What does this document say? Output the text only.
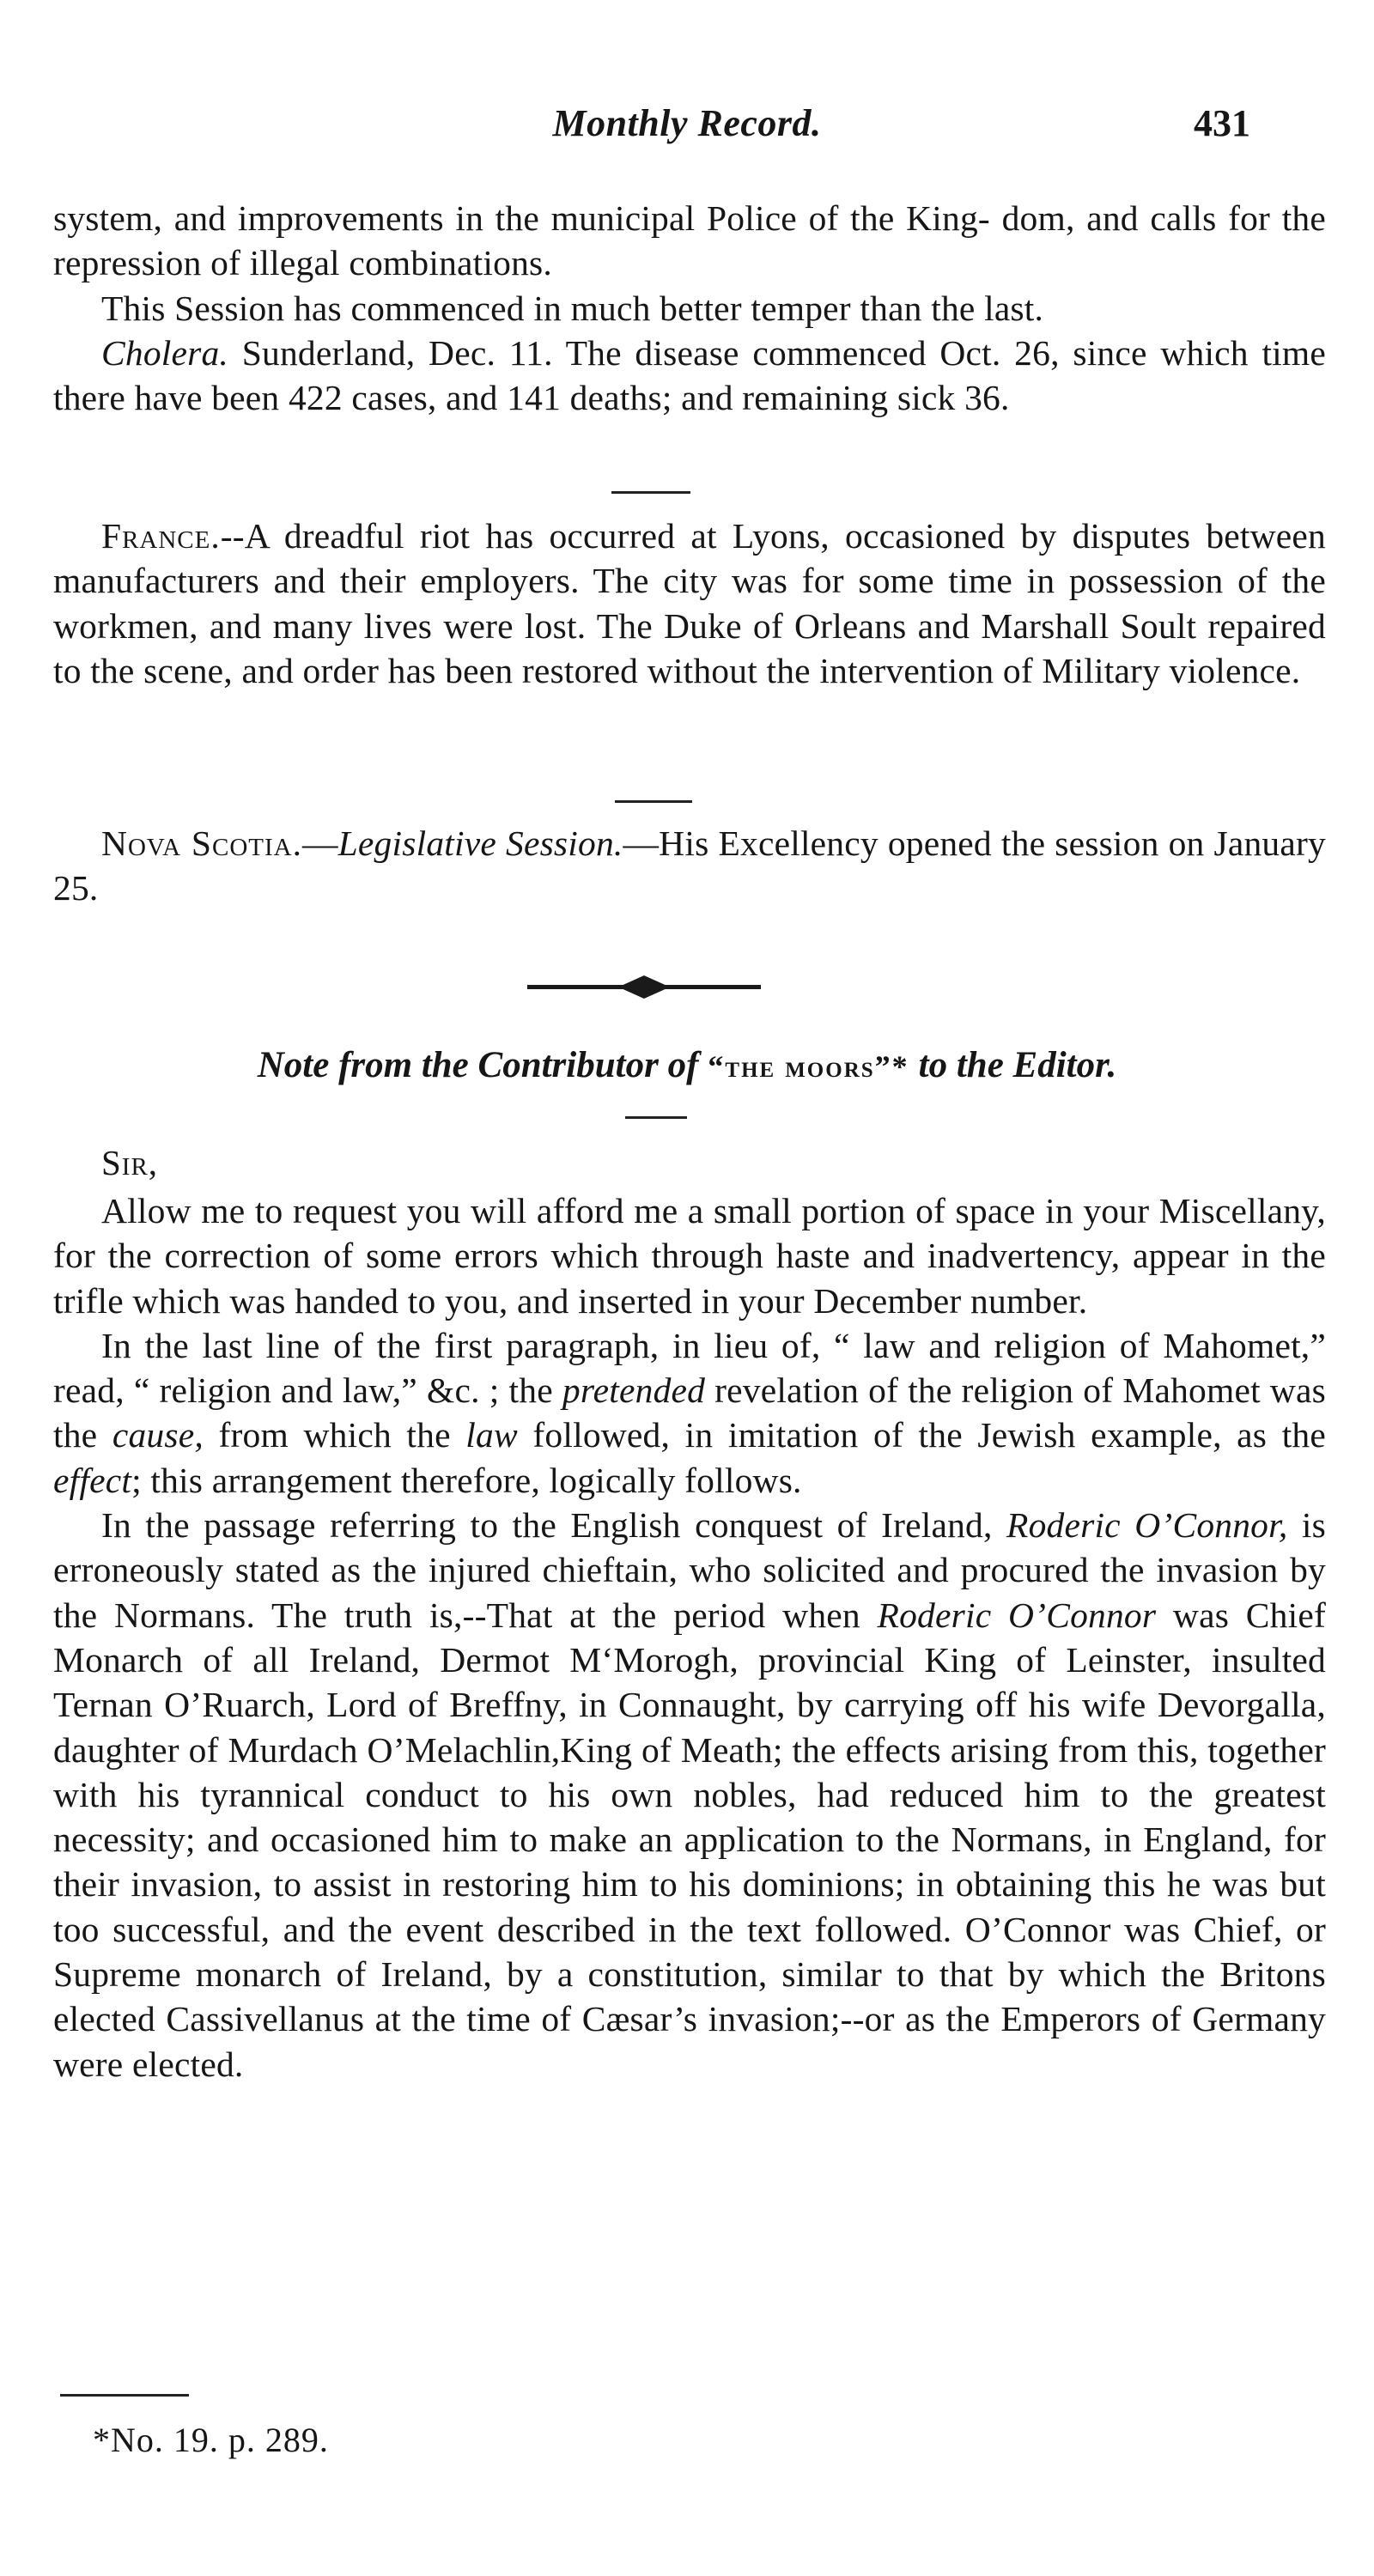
Monthly Record.	431

system, and improvements in the municipal Police of the King- dom, and calls for the repression of illegal combinations.

This Session has commenced in much better temper than the last.

Cholera. Sunderland, Dec. 11. The disease commenced Oct. 26, since which time there have been 422 cases, and 141 deaths; and remaining sick 36.

France.--A dreadful riot has occurred at Lyons, occasioned by disputes between manufacturers and their employers. The city was for some time in possession of the workmen, and many lives were lost. The Duke of Orleans and Marshall Soult repaired to the scene, and order has been restored without the intervention of Military violence.

Nova Scotia.—Legislative Session.—His Excellency opened the session on January 25.

Note from the Contributor of “the moors”* to the Editor.
Sir,

Allow me to request you will afford me a small portion of space in your Miscellany, for the correction of some errors which through haste and inadvertency, appear in the trifle which was handed to you, and inserted in your December number.

In the last line of the first paragraph, in lieu of, “ law and religion of Mahomet,” read, “ religion and law,” &c. ; the pretended revelation of the religion of Mahomet was the cause, from which the law followed, in imitation of the Jewish example, as the effect; this arrangement therefore, logically follows.

In the passage referring to the English conquest of Ireland, Roderic O’Connor, is erroneously stated as the injured chieftain, who solicited and procured the invasion by the Normans. The truth is,--That at the period when Roderic O’Connor was Chief Monarch of all Ireland, Dermot M‘Morogh, provincial King of Leinster, insulted Ternan O’Ruarch, Lord of Breffny, in Connaught, by carrying off his wife Devorgalla, daughter of Murdach O’Melachlin,King of Meath; the effects arising from this, together with his tyrannical conduct to his own nobles, had reduced him to the greatest necessity; and occasioned him to make an application to the Normans, in England, for their invasion, to assist in restoring him to his dominions; in obtaining this he was but too successful, and the event described in the text followed. O’Connor was Chief, or Supreme monarch of Ireland, by a constitution, similar to that by which the Britons elected Cassivellanus at the time of Cæsar’s invasion;--or as the Emperors of Germany were elected.

*No. 19. p. 289.
